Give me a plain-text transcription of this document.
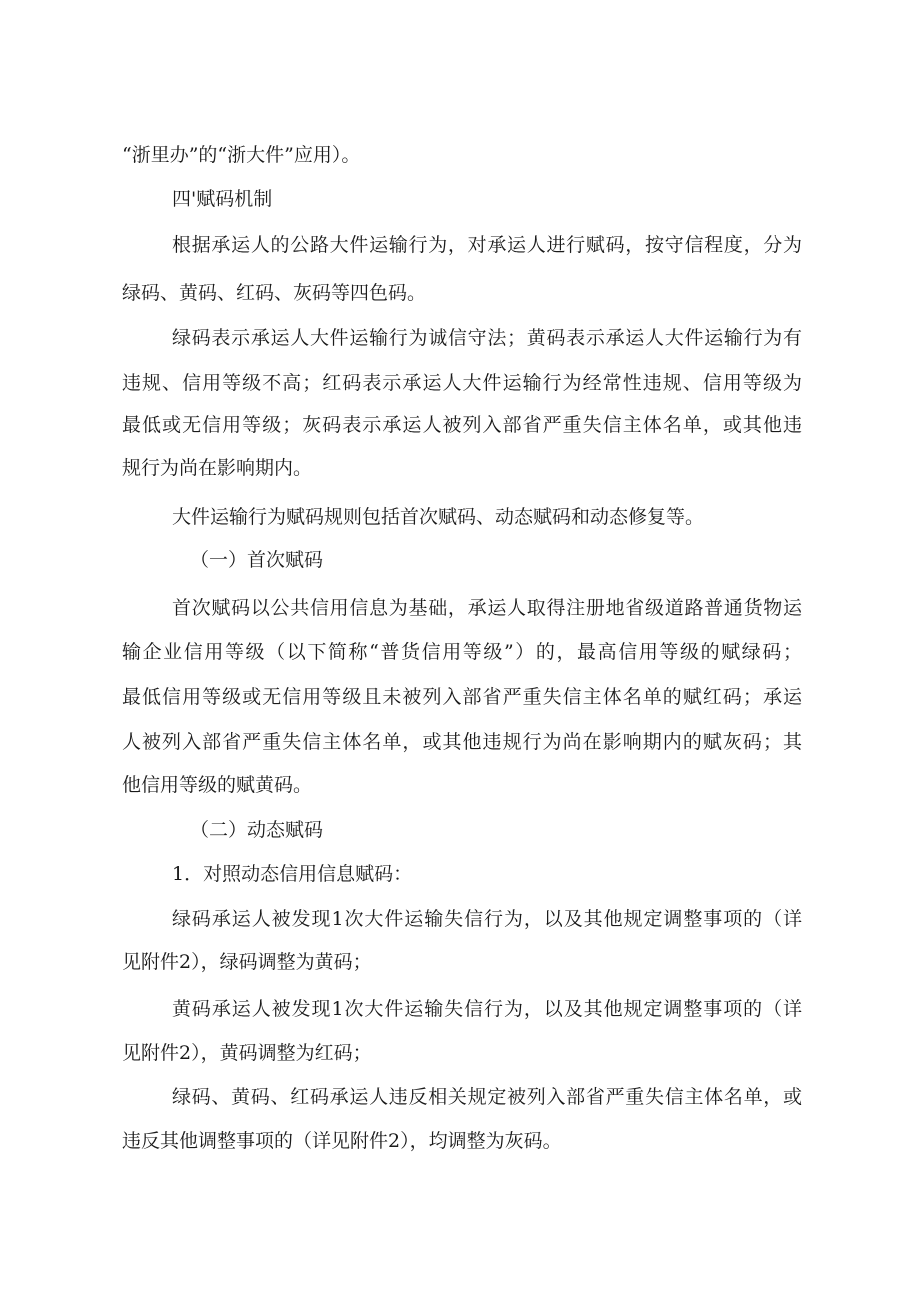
“浙里办”的“浙大件”应用）。
四'赋码机制
根据承运人的公路大件运输行为，对承运人进行赋码，按守信程度，分为
绿码、黄码、红码、灰码等四色码。
绿码表示承运人大件运输行为诚信守法；黄码表示承运人大件运输行为有
违规、信用等级不高；红码表示承运人大件运输行为经常性违规、信用等级为
最低或无信用等级；灰码表示承运人被列入部省严重失信主体名单，或其他违
规行为尚在影响期内。
大件运输行为赋码规则包括首次赋码、动态赋码和动态修复等。
（一）首次赋码
首次赋码以公共信用信息为基础，承运人取得注册地省级道路普通货物运
输企业信用等级（以下简称“普货信用等级”）的，最高信用等级的赋绿码；
最低信用等级或无信用等级且未被列入部省严重失信主体名单的赋红码；承运
人被列入部省严重失信主体名单，或其他违规行为尚在影响期内的赋灰码；其
他信用等级的赋黄码。
（二）动态赋码
1．对照动态信用信息赋码：
绿码承运人被发现1次大件运输失信行为，以及其他规定调整事项的（详
见附件2），绿码调整为黄码；
黄码承运人被发现1次大件运输失信行为，以及其他规定调整事项的（详
见附件2），黄码调整为红码；
绿码、黄码、红码承运人违反相关规定被列入部省严重失信主体名单，或
违反其他调整事项的（详见附件2），均调整为灰码。
